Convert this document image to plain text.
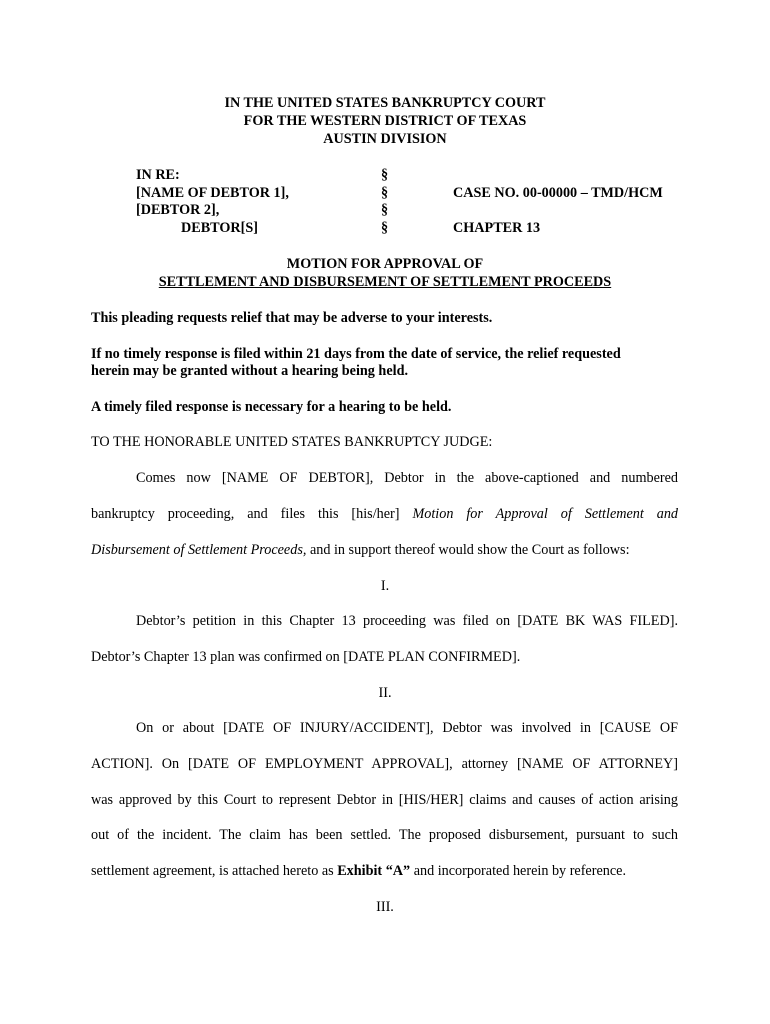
IN THE UNITED STATES BANKRUPTCY COURT
FOR THE WESTERN DISTRICT OF TEXAS
AUSTIN DIVISION
IN RE:
[NAME OF DEBTOR 1],
[DEBTOR 2],
DEBTOR[S]
§
§
§
§
CASE NO. 00-00000 – TMD/HCM
CHAPTER 13
MOTION FOR APPROVAL OF
SETTLEMENT AND DISBURSEMENT OF SETTLEMENT PROCEEDS
This pleading requests relief that may be adverse to your interests.
If no timely response is filed within 21 days from the date of service, the relief requested
herein may be granted without a hearing being held.
A timely filed response is necessary for a hearing to be held.
TO THE HONORABLE UNITED STATES BANKRUPTCY JUDGE:
Comes now [NAME OF DEBTOR], Debtor in the above-captioned and numbered
bankruptcy proceeding, and files this [his/her] Motion for Approval of Settlement and
Disbursement of Settlement Proceeds, and in support thereof would show the Court as follows:
I.
Debtor’s petition in this Chapter 13 proceeding was filed on [DATE BK WAS FILED].
Debtor’s Chapter 13 plan was confirmed on [DATE PLAN CONFIRMED].
II.
On or about [DATE OF INJURY/ACCIDENT], Debtor was involved in [CAUSE OF
ACTION]. On [DATE OF EMPLOYMENT APPROVAL], attorney [NAME OF ATTORNEY]
was approved by this Court to represent Debtor in [HIS/HER] claims and causes of action arising
out of the incident. The claim has been settled. The proposed disbursement, pursuant to such
settlement agreement, is attached hereto as Exhibit “A” and incorporated herein by reference.
III.
